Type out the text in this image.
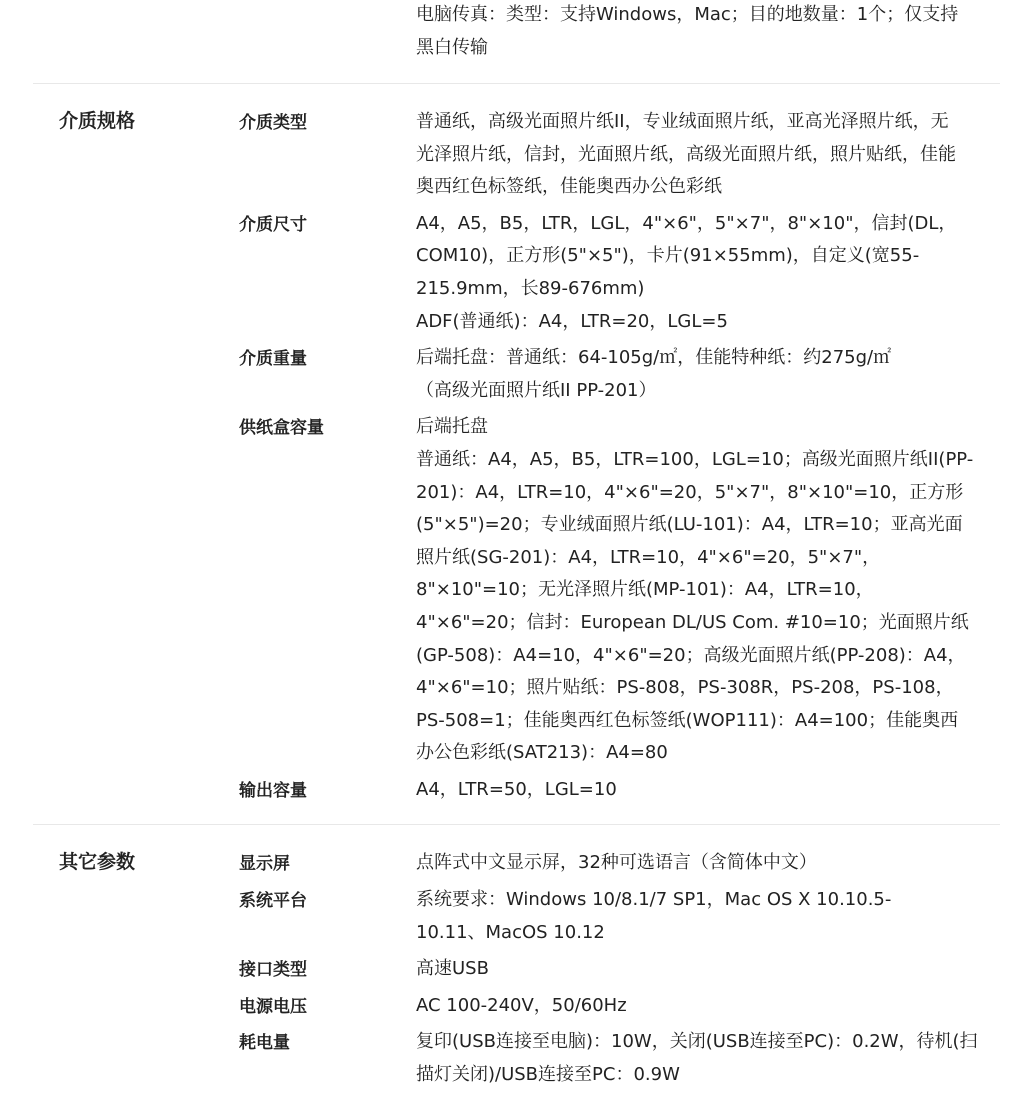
电脑传真：类型：支持Windows，Mac；目的地数量：1个；仅支持
黑白传输
介质规格	介质类型	普通纸，高级光面照片纸II，专业绒面照片纸，亚高光泽照片纸，无
光泽照片纸，信封，光面照片纸，高级光面照片纸，照片贴纸，佳能
奥西红色标签纸，佳能奥西办公色彩纸
介质尺寸	A4，A5，B5，LTR，LGL，4"×6"，5"×7"，8"×10"，信封(DL，
COM10)，正方形(5"×5")，卡片(91×55mm)，自定义(宽55-
215.9mm，长89-676mm)
ADF(普通纸)：A4，LTR=20，LGL=5
介质重量	后端托盘：普通纸：64-105g/㎡，佳能特种纸：约275g/㎡
（高级光面照片纸II PP-201）
供纸盒容量	后端托盘
普通纸：A4，A5，B5，LTR=100，LGL=10；高级光面照片纸II(PP-
201)：A4，LTR=10，4"×6"=20，5"×7"，8"×10"=10，正方形
(5"×5")=20；专业绒面照片纸(LU-101)：A4，LTR=10；亚高光面
照片纸(SG-201)：A4，LTR=10，4"×6"=20，5"×7"，
8"×10"=10；无光泽照片纸(MP-101)：A4，LTR=10，
4"×6"=20；信封：European DL/US Com. #10=10；光面照片纸
(GP-508)：A4=10，4"×6"=20；高级光面照片纸(PP-208)：A4，
4"×6"=10；照片贴纸：PS-808，PS-308R，PS-208，PS-108，
PS-508=1；佳能奥西红色标签纸(WOP111)：A4=100；佳能奥西
办公色彩纸(SAT213)：A4=80
输出容量	A4，LTR=50，LGL=10
其它参数	显示屏	点阵式中文显示屏，32种可选语言（含简体中文）
系统平台	系统要求：Windows 10/8.1/7 SP1，Mac OS X 10.10.5-
10.11、MacOS 10.12
接口类型	高速USB
电源电压	AC 100-240V，50/60Hz
耗电量	复印(USB连接至电脑)：10W，关闭(USB连接至PC)：0.2W，待机(扫
描灯关闭)/USB连接至PC：0.9W
